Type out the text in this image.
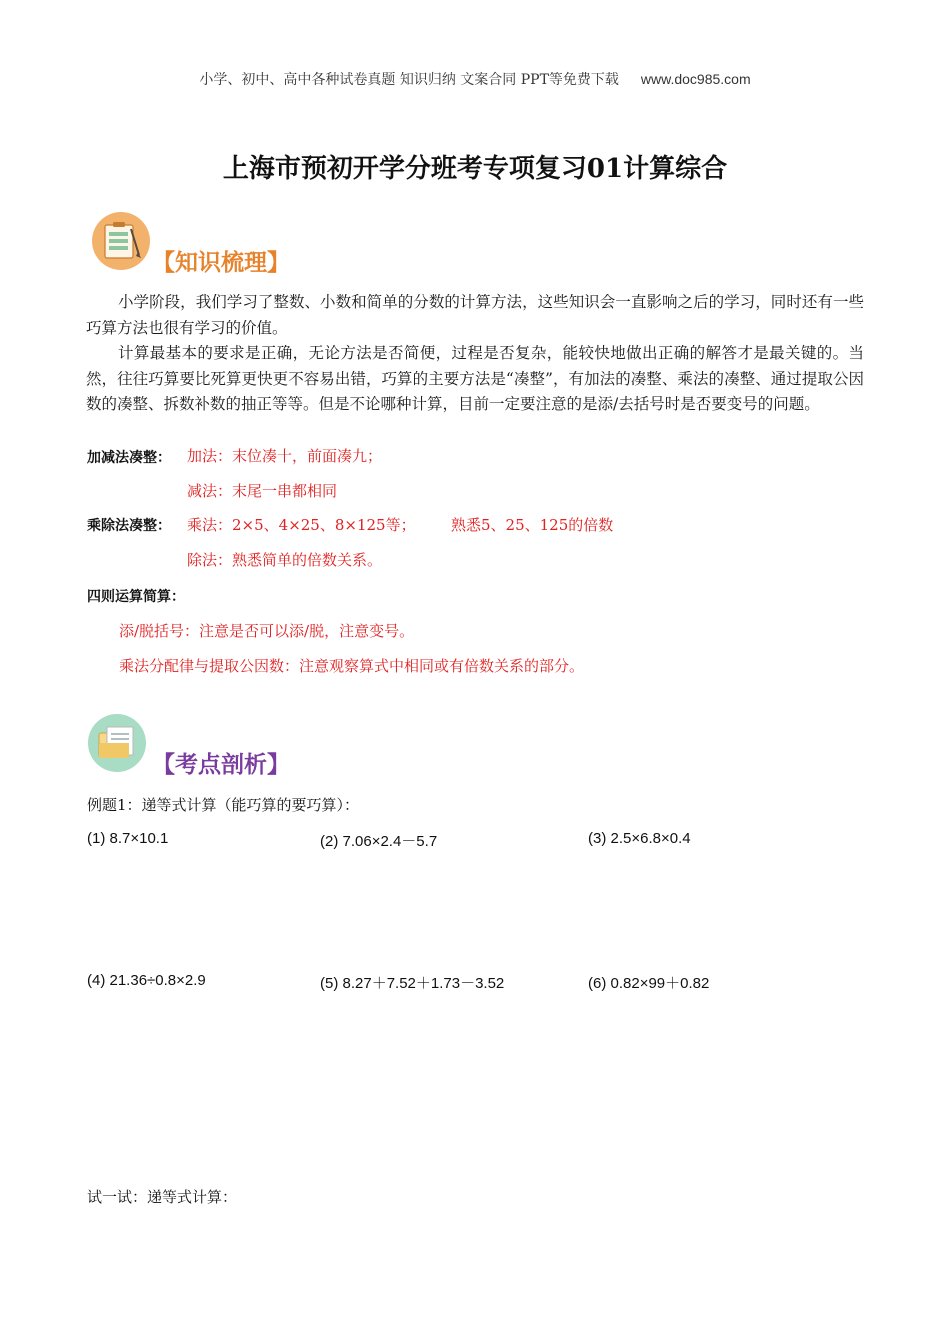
小学、初中、高中各种试卷真题 知识归纳 文案合同 PPT等免费下载 www.doc985.com
上海市预初开学分班考专项复习01计算综合
【知识梳理】
小学阶段，我们学习了整数、小数和简单的分数的计算方法，这些知识会一直影响之后的学习，同时还有一些巧算方法也很有学习的价值。
计算最基本的要求是正确，无论方法是否简便，过程是否复杂，能较快地做出正确的解答才是最关键的。当然，往往巧算要比死算更快更不容易出错，巧算的主要方法是“凑整”，有加法的凑整、乘法的凑整、通过提取公因数的凑整、拆数补数的抽正等等。但是不论哪种计算，目前一定要注意的是添/去括号时是否要变号的问题。
加减法凑整： 加法：末位凑十，前面凑九；
减法：末尾一串都相同
乘除法凑整： 乘法：2×5、4×25、8×125等； 熟悉5、25、125的倍数
除法：熟悉简单的倍数关系。
四则运算简算：
添/脱括号：注意是否可以添/脱，注意变号。
乘法分配律与提取公因数：注意观察算式中相同或有倍数关系的部分。
【考点剖析】
例题1：递等式计算（能巧算的要巧算）：
(1) 8.7×10.1	(2) 7.06×2.4－5.7	(3) 2.5×6.8×0.4
(4) 21.36÷0.8×2.9	(5) 8.27＋7.52＋1.73－3.52	(6) 0.82×99＋0.82
试一试：递等式计算：
